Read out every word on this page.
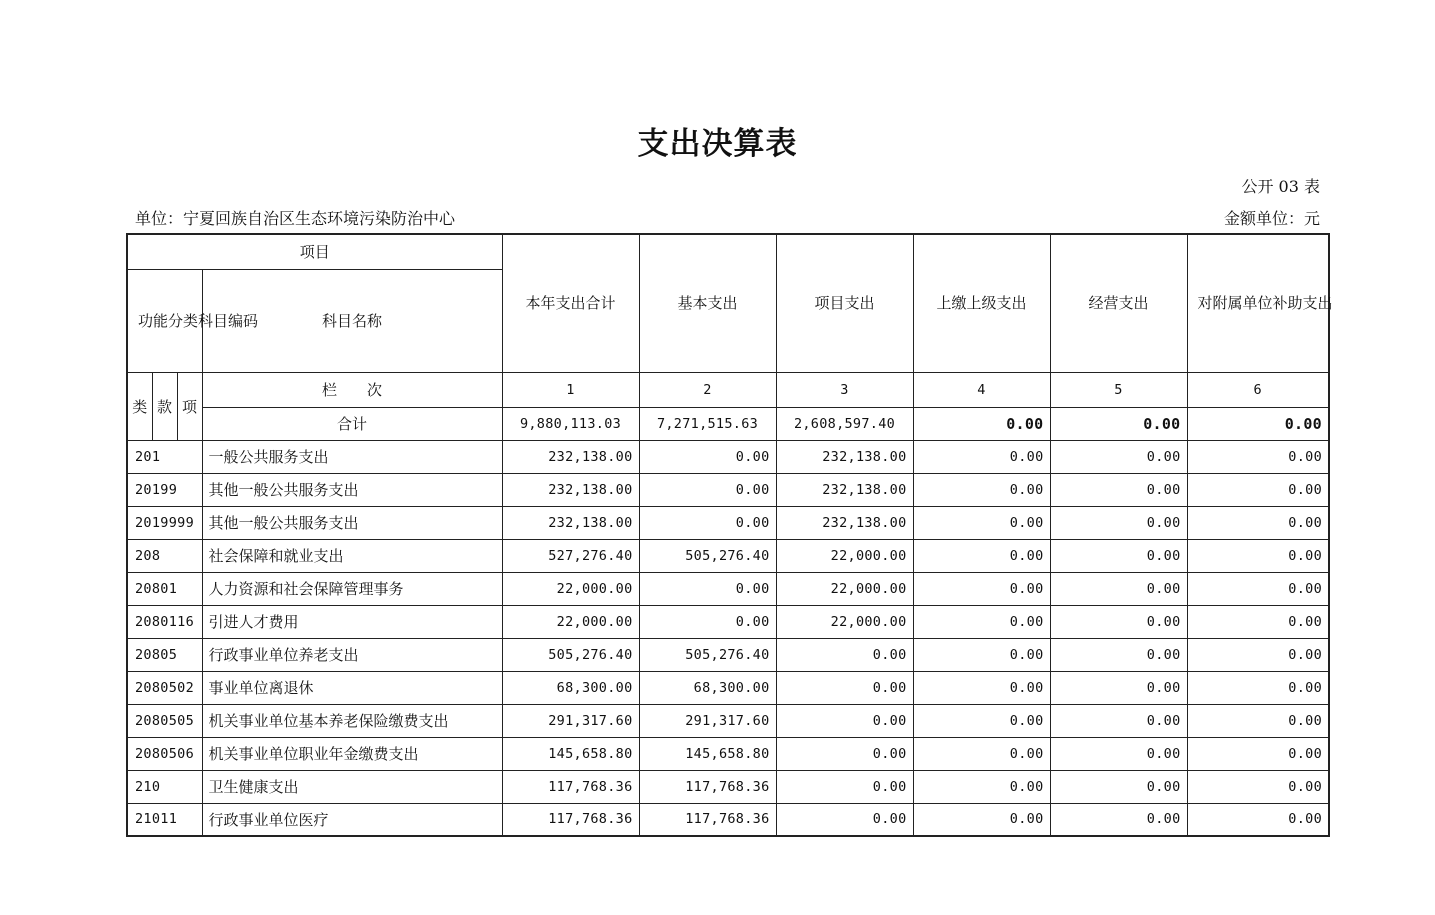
支出决算表
公开 03 表
单位：宁夏回族自治区生态环境污染防治中心	金额单位：元
项目				本年支出合计	基本支出	项目支出	上缴上级支出	经营支出	对附属单位补助支出
功能分类科目编码			科目名称						
类	款	项	栏　　次	1	2	3	4	5	6
			合计	9,880,113.03	7,271,515.63	2,608,597.40	0.00	0.00	0.00
201			一般公共服务支出	232,138.00	0.00	232,138.00	0.00	0.00	0.00
20199			其他一般公共服务支出	232,138.00	0.00	232,138.00	0.00	0.00	0.00
2019999			其他一般公共服务支出	232,138.00	0.00	232,138.00	0.00	0.00	0.00
208			社会保障和就业支出	527,276.40	505,276.40	22,000.00	0.00	0.00	0.00
20801			人力资源和社会保障管理事务	22,000.00	0.00	22,000.00	0.00	0.00	0.00
2080116			引进人才费用	22,000.00	0.00	22,000.00	0.00	0.00	0.00
20805			行政事业单位养老支出	505,276.40	505,276.40	0.00	0.00	0.00	0.00
2080502			事业单位离退休	68,300.00	68,300.00	0.00	0.00	0.00	0.00
2080505			机关事业单位基本养老保险缴费支出	291,317.60	291,317.60	0.00	0.00	0.00	0.00
2080506			机关事业单位职业年金缴费支出	145,658.80	145,658.80	0.00	0.00	0.00	0.00
210			卫生健康支出	117,768.36	117,768.36	0.00	0.00	0.00	0.00
21011			行政事业单位医疗	117,768.36	117,768.36	0.00	0.00	0.00	0.00
